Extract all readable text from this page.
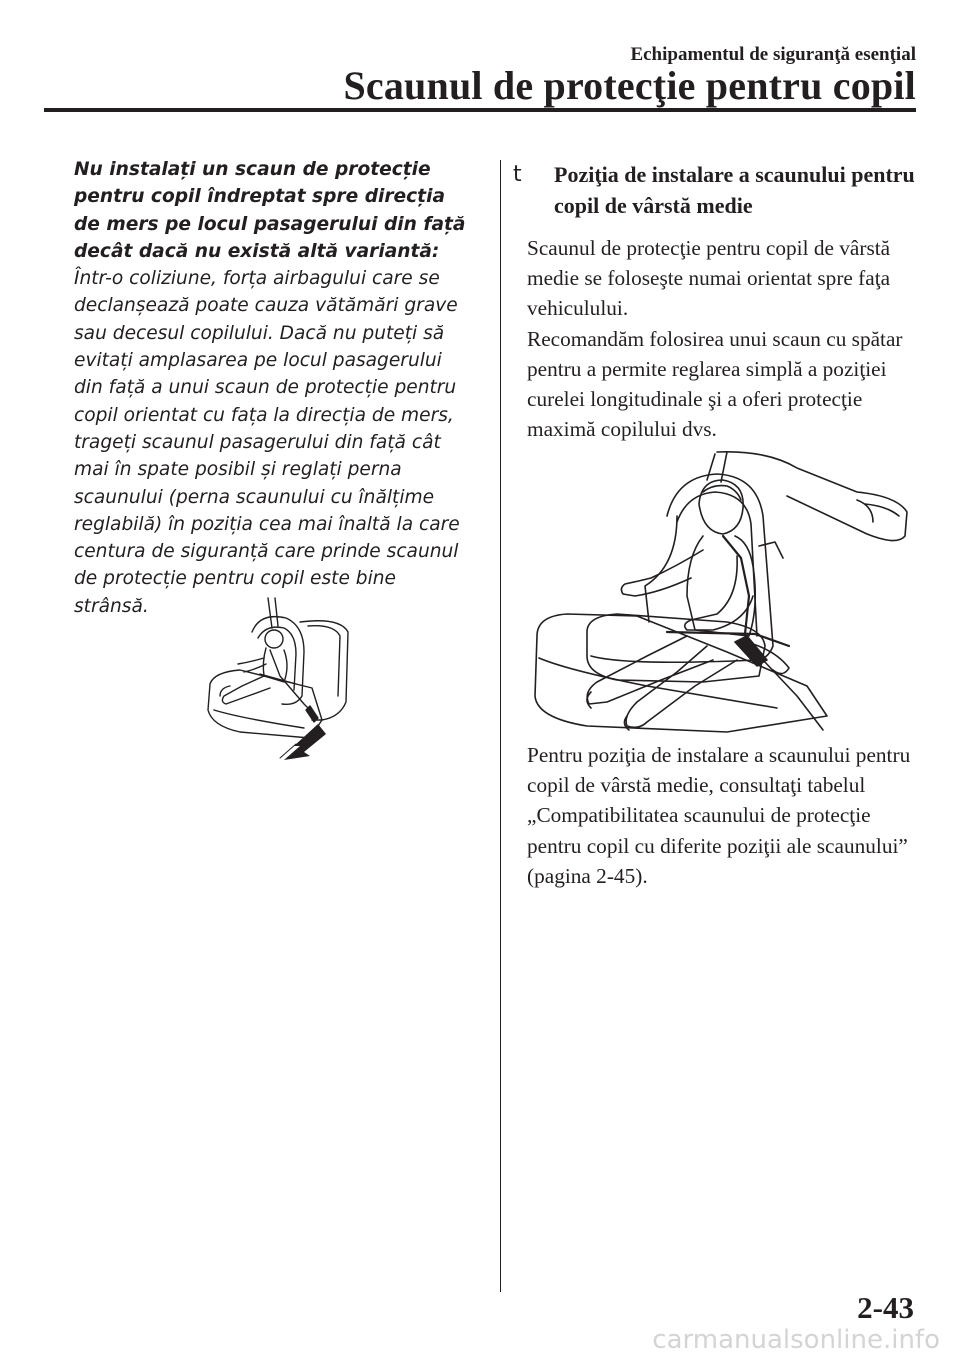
Echipamentul de siguranţă esenţial
Scaunul de protecţie pentru copil

Nu instalați un scaun de protecție pentru copil îndreptat spre direcția de mers pe locul pasagerului din față decât dacă nu există altă variantă:

Într-o coliziune, forța airbagului care se declanșează poate cauza vătămări grave sau decesul copilului. Dacă nu puteți să evitați amplasarea pe locul pasagerului din față a unui scaun de protecție pentru copil orientat cu fața la direcția de mers, trageți scaunul pasagerului din față cât mai în spate posibil și reglați perna scaunului (perna scaunului cu înălțime reglabilă) în poziția cea mai înaltă la care centura de siguranță care prinde scaunul de protecție pentru copil este bine strânsă.

t Poziţia de instalare a scaunului pentru copil de vârstă medie

Scaunul de protecţie pentru copil de vârstă medie se foloseşte numai orientat spre faţa vehiculului.

Recomandăm folosirea unui scaun cu spătar pentru a permite reglarea simplă a poziţiei curelei longitudinale şi a oferi protecţie maximă copilului dvs.

Pentru poziţia de instalare a scaunului pentru copil de vârstă medie, consultaţi tabelul „Compatibilitatea scaunului de protecţie pentru copil cu diferite poziţii ale scaunului” (pagina 2-45).

2-43
carmanualsonline.info
